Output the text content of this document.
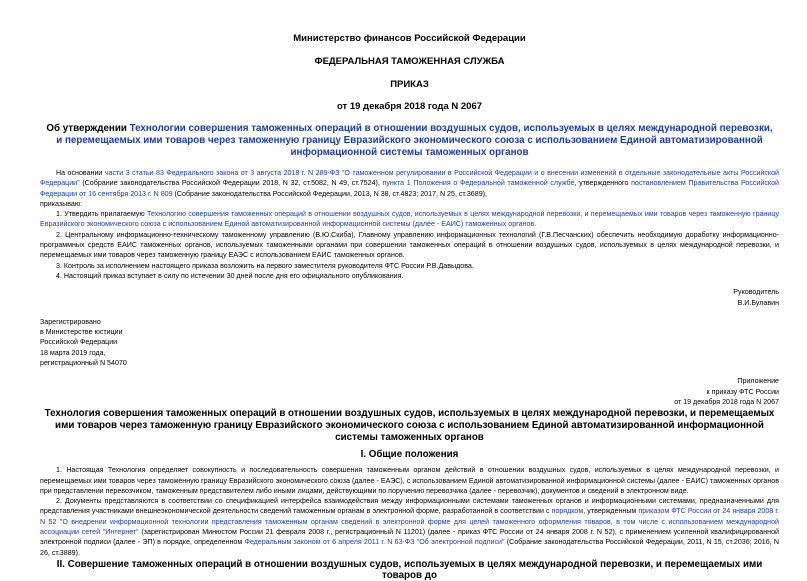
Министерство финансов Российской Федерации
ФЕДЕРАЛЬНАЯ ТАМОЖЕННАЯ СЛУЖБА
ПРИКАЗ
от 19 декабря 2018 года N 2067
Об утверждении Технологии совершения таможенных операций в отношении воздушных судов, используемых в целях международной перевозки, и перемещаемых ими товаров через таможенную границу Евразийского экономического союза с использованием Единой автоматизированной информационной системы таможенных органов
На основании части 3 статьи 83 Федерального закона от 3 августа 2018 г. N 289-ФЗ "О таможенном регулировании в Российской Федерации и о внесении изменений в отдельные законодательные акты Российской Федерации" (Собрание законодательства Российской Федерации 2018, N 32, ст.5082, N 49, ст.7524), пункта 1 Положения о Федеральной таможенной службе, утвержденного постановлением Правительства Российской Федерации от 16 сентября 2013 г. N 809 (Собрание законодательства Российской Федерации, 2013, N 38, ст.4823; 2017, N 25, ст.3689),
приказываю:
1. Утвердить прилагаемую Технологию совершения таможенных операций в отношении воздушных судов, используемых в целях международной перевозки, и перемещаемых ими товаров через таможенную границу Евразийского экономического союза с использованием Единой автоматизированной информационной системы (далее - ЕАИС) таможенных органов.
2. Центральному информационно-техническому таможенному управлению (В.Ю.Скиба), Главному управлению информационных технологий (Г.В.Песчанских) обеспечить необходимую доработку информационно-программных средств ЕАИС таможенных органов, используемых таможенными органами при совершении таможенных операций в отношении воздушных судов, используемых в целях международной перевозки, и перемещаемых ими товаров через таможенную границу ЕАЭС с использованием ЕАИС таможенных органов.
3. Контроль за исполнением настоящего приказа возложить на первого заместителя руководителя ФТС России Р.В.Давыдова.
4. Настоящий приказ вступает в силу по истечении 30 дней после дня его официального опубликования.
Руководитель
В.И.Булавин
Зарегистрировано
в Министерстве юстиции
Российской Федерации
18 марта 2019 года,
регистрационный N 54070
Приложение
к приказу ФТС России
от 19 декабря 2018 года N 2067
Технология совершения таможенных операций в отношении воздушных судов, используемых в целях международной перевозки, и перемещаемых ими товаров через таможенную границу Евразийского экономического союза с использованием Единой автоматизированной информационной системы таможенных органов
I. Общие положения
1. Настоящая Технология определяет совокупность и последовательность совершения таможенным органом действий в отношении воздушных судов, используемых в целях международной перевозки, и перемещаемых ими товаров через таможенную границу Евразийского экономического союза (далее - ЕАЭС), с использованием Единой автоматизированной информационной системы (далее - ЕАИС) таможенных органов при представлении перевозчиком, таможенным представителем либо иными лицами, действующими по поручению перевозчика (далее - перевозчик), документов и сведений в электронном виде.
2. Документы представляются в соответствии со спецификацией интерфейса взаимодействия между информационными системами таможенных органов и информационными системами, предназначенными для представления участниками внешнеэкономической деятельности сведений таможенным органам в электронной форме, разработанной в соответствии с порядком, утвержденным приказом ФТС России от 24 января 2008 г. N 52 "О внедрении информационной технологии представления таможенным органам сведений в электронной форме для целей таможенного оформления товаров, в том числе с использованием международной ассоциации сетей "Интернет" (зарегистрирован Минюстом России 21 февраля 2008 г., регистрационный N 11201) (далее - приказ ФТС России от 24 января 2008 г. N 52), с применением усиленной квалифицированной электронной подписи (далее - ЭП) в порядке, определенном Федеральным законом от 6 апреля 2011 г. N 63-ФЗ "Об электронной подписи" (Собрание законодательства Российской Федерации, 2011, N 15, ст.2036; 2016, N 26, ст.3889).
II. Совершение таможенных операций в отношении воздушных судов, используемых в целях международной перевозки, и перемещаемых ими товаров до
